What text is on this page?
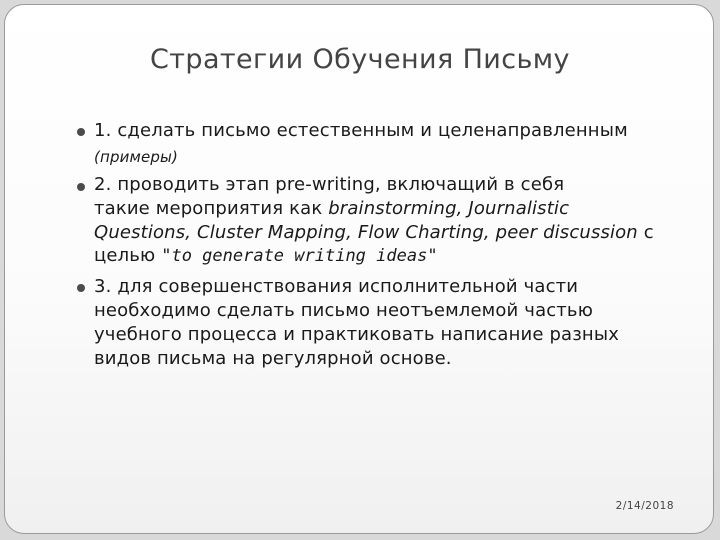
Стратегии Обучения Письму
1. сделать письмо естественным и целенаправленным
(примеры)
2. проводить этап pre-writing, включащий в себя
такие мероприятия как brainstorming, Journalistic
Questions, Cluster Mapping, Flow Charting, peer discussion с
целью "to generate writing ideas"
3. для совершенствования исполнительной части
необходимо сделать письмо неотъемлемой частью
учебного процесса и практиковать написание разных
видов письма на регулярной основе.
2/14/2018
